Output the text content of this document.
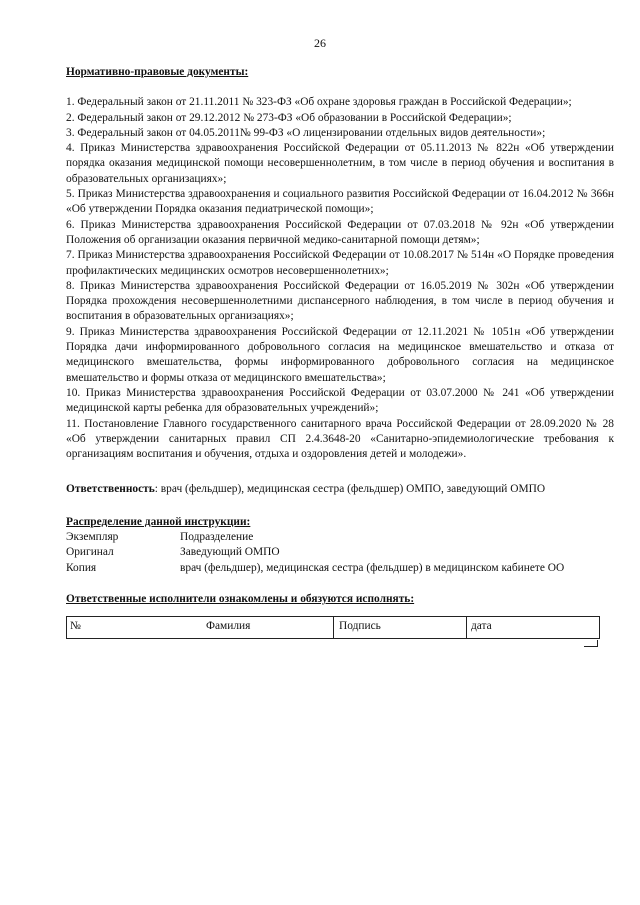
26

Нормативно-правовые документы:

1. Федеральный закон от 21.11.2011 № 323-ФЗ «Об охране здоровья граждан в Российской Федерации»;

2. Федеральный закон от 29.12.2012 № 273-ФЗ «Об образовании в Российской Федерации»;

3. Федеральный закон от 04.05.2011№ 99-ФЗ «О лицензировании отдельных видов деятельности»;

4. Приказ Министерства здравоохранения Российской Федерации от 05.11.2013 № 822н «Об утверждении порядка оказания медицинской помощи несовершеннолетним, в том числе в период обучения и воспитания в образовательных организациях»;

5. Приказ Министерства здравоохранения и социального развития Российской Федерации от 16.04.2012 № 366н «Об утверждении Порядка оказания педиатрической помощи»;

6. Приказ Министерства здравоохранения Российской Федерации от 07.03.2018 № 92н «Об утверждении Положения об организации оказания первичной медико-санитарной помощи детям»;

7. Приказ Министерства здравоохранения Российской Федерации от 10.08.2017 № 514н «О Порядке проведения профилактических медицинских осмотров несовершеннолетних»;

8. Приказ Министерства здравоохранения Российской Федерации от 16.05.2019 № 302н «Об утверждении Порядка прохождения несовершеннолетними диспансерного наблюдения, в том числе в период обучения и воспитания в образовательных организациях»;

9. Приказ Министерства здравоохранения Российской Федерации от 12.11.2021 № 1051н «Об утверждении Порядка дачи информированного добровольного согласия на медицинское вмешательство и отказа от медицинского вмешательства, формы информированного добровольного согласия на медицинское вмешательство и формы отказа от медицинского вмешательства»;

10. Приказ Министерства здравоохранения Российской Федерации от 03.07.2000 № 241 «Об утверждении медицинской карты ребенка для образовательных учреждений»;

11. Постановление Главного государственного санитарного врача Российской Федерации от 28.09.2020 № 28 «Об утверждении санитарных правил СП 2.4.3648-20 «Санитарно-эпидемиологические требования к организациям воспитания и обучения, отдыха и оздоровления детей и молодежи».

Ответственность: врач (фельдшер), медицинская сестра (фельдшер) ОМПО, заведующий ОМПО
Распределение данной инструкции:
Экземпляр	Подразделение
Оригинал	Заведующий ОМПО
Копия	врач (фельдшер), медицинская сестра (фельдшер) в медицинском кабинете ОО
Ответственные исполнители ознакомлены и обязуются исполнять:
№	Фамилия	Подпись	дата
